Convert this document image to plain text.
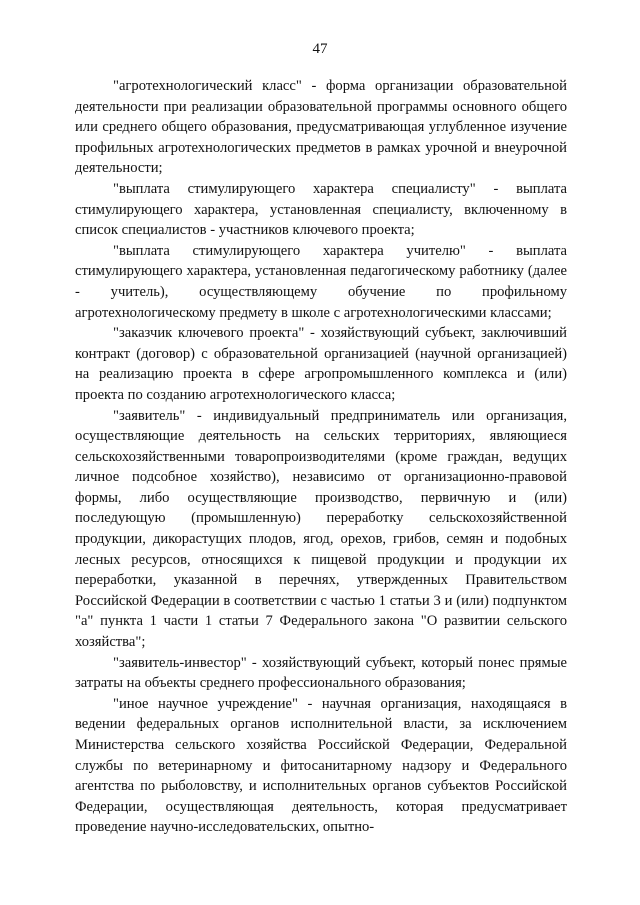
47

"агротехнологический класс" - форма организации образовательной деятельности при реализации образовательной программы основного общего или среднего общего образования, предусматривающая углубленное изучение профильных агротехнологических предметов в рамках урочной и внеурочной деятельности;

"выплата стимулирующего характера специалисту" - выплата стимулирующего характера, установленная специалисту, включенному в список специалистов - участников ключевого проекта;

"выплата стимулирующего характера учителю" - выплата стимулирующего характера, установленная педагогическому работнику (далее - учитель), осуществляющему обучение по профильному агротехнологическому предмету в школе с агротехнологическими классами;

"заказчик ключевого проекта" - хозяйствующий субъект, заключивший контракт (договор) с образовательной организацией (научной организацией) на реализацию проекта в сфере агропромышленного комплекса и (или) проекта по созданию агротехнологического класса;

"заявитель" - индивидуальный предприниматель или организация, осуществляющие деятельность на сельских территориях, являющиеся сельскохозяйственными товаропроизводителями (кроме граждан, ведущих личное подсобное хозяйство), независимо от организационно-правовой формы, либо осуществляющие производство, первичную и (или) последующую (промышленную) переработку сельскохозяйственной продукции, дикорастущих плодов, ягод, орехов, грибов, семян и подобных лесных ресурсов, относящихся к пищевой продукции и продукции их переработки, указанной в перечнях, утвержденных Правительством Российской Федерации в соответствии с частью 1 статьи 3 и (или) подпунктом "а" пункта 1 части 1 статьи 7 Федерального закона "О развитии сельского хозяйства";

"заявитель-инвестор" - хозяйствующий субъект, который понес прямые затраты на объекты среднего профессионального образования;

"иное научное учреждение" - научная организация, находящаяся в ведении федеральных органов исполнительной власти, за исключением Министерства сельского хозяйства Российской Федерации, Федеральной службы по ветеринарному и фитосанитарному надзору и Федерального агентства по рыболовству, и исполнительных органов субъектов Российской Федерации, осуществляющая деятельность, которая предусматривает проведение научно-исследовательских, опытно-
